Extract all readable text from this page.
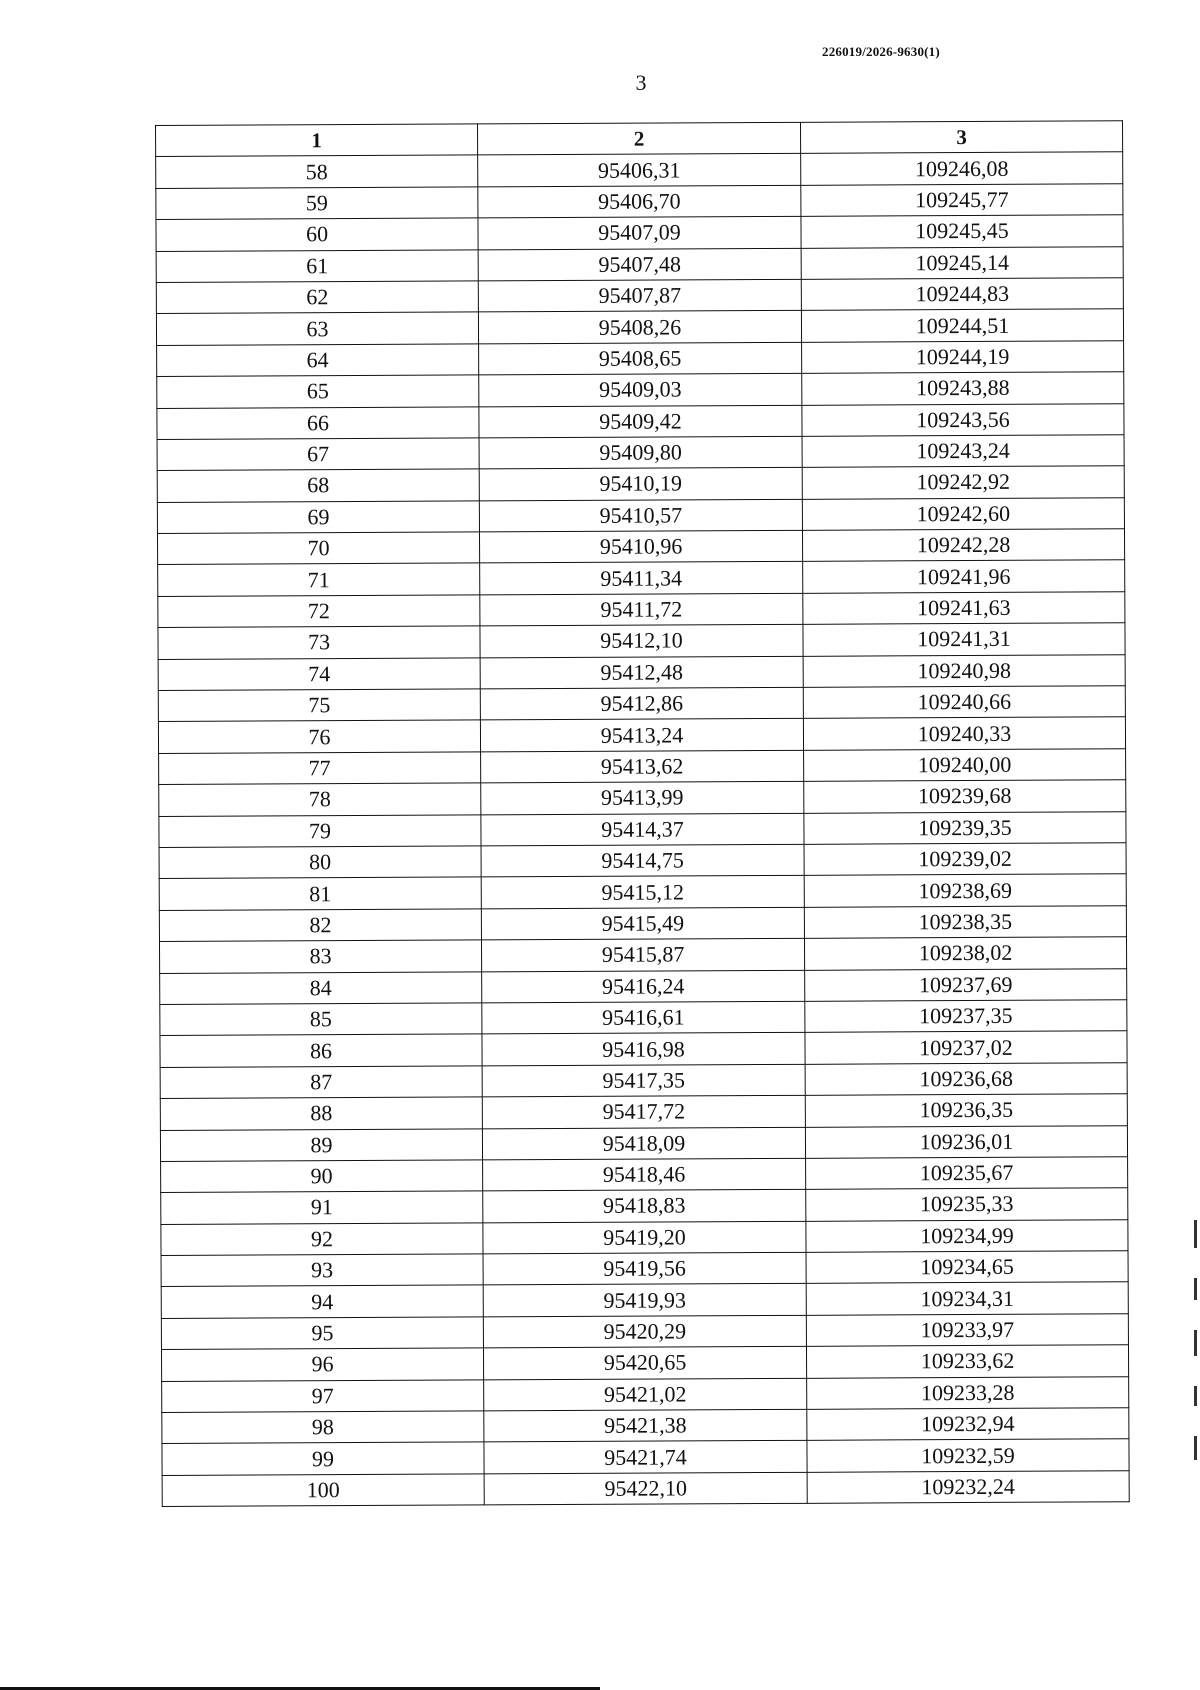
226019/2026-9630(1)
3
1	2	3
58	95406,31	109246,08
59	95406,70	109245,77
60	95407,09	109245,45
61	95407,48	109245,14
62	95407,87	109244,83
63	95408,26	109244,51
64	95408,65	109244,19
65	95409,03	109243,88
66	95409,42	109243,56
67	95409,80	109243,24
68	95410,19	109242,92
69	95410,57	109242,60
70	95410,96	109242,28
71	95411,34	109241,96
72	95411,72	109241,63
73	95412,10	109241,31
74	95412,48	109240,98
75	95412,86	109240,66
76	95413,24	109240,33
77	95413,62	109240,00
78	95413,99	109239,68
79	95414,37	109239,35
80	95414,75	109239,02
81	95415,12	109238,69
82	95415,49	109238,35
83	95415,87	109238,02
84	95416,24	109237,69
85	95416,61	109237,35
86	95416,98	109237,02
87	95417,35	109236,68
88	95417,72	109236,35
89	95418,09	109236,01
90	95418,46	109235,67
91	95418,83	109235,33
92	95419,20	109234,99
93	95419,56	109234,65
94	95419,93	109234,31
95	95420,29	109233,97
96	95420,65	109233,62
97	95421,02	109233,28
98	95421,38	109232,94
99	95421,74	109232,59
100	95422,10	109232,24
